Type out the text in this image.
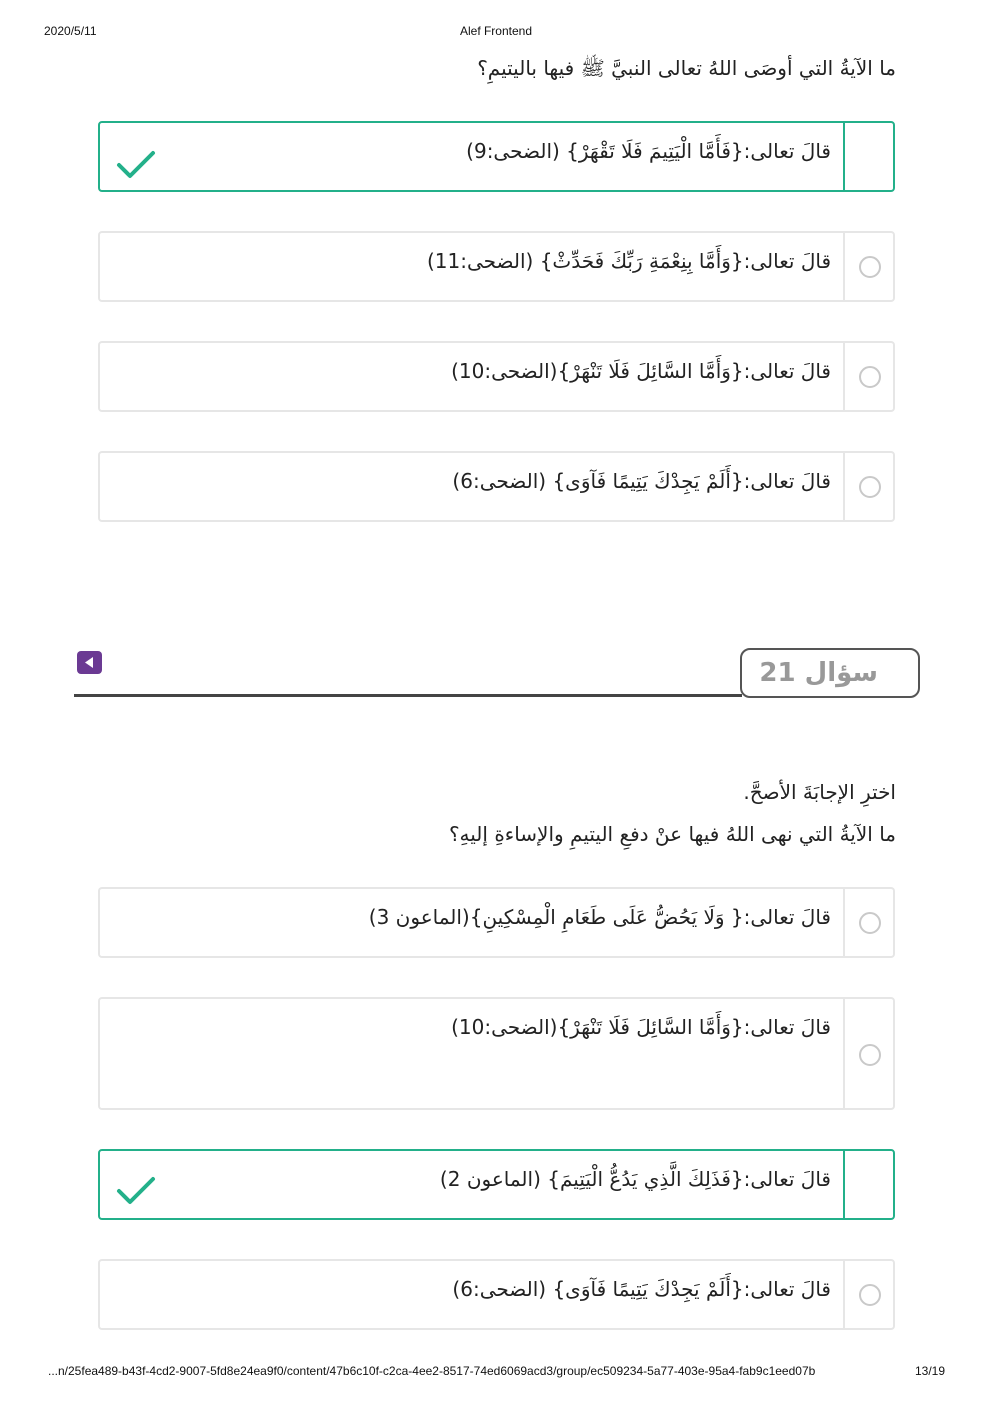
2020/5/11	Alef Frontend
ما الآيةُ التي أوصَى اللهُ تعالى النبيَّ ﷺ فيها باليتيمِ؟
قالَ تعالى:{فَأَمَّا الْيَتِيمَ فَلَا تَقْهَرْ} (الضحى:9)
قالَ تعالى:{وَأَمَّا بِنِعْمَةِ رَبِّكَ فَحَدِّثْ} (الضحى:11)
قالَ تعالى:{وَأَمَّا السَّائِلَ فَلَا تَنْهَرْ}(الضحى:10)
قالَ تعالى:{أَلَمْ يَجِدْكَ يَتِيمًا فَآوَى} (الضحى:6)
سؤال 21
اخترِ الإجابَةَ الأصحَّ.
ما الآيةُ التي نهى اللهُ فيها عنْ دفعِ اليتيمِ والإساءةِ إليهِ؟
قالَ تعالى:{ وَلَا يَحُضُّ عَلَى طَعَامِ الْمِسْكِينِ}(الماعون 3)
قالَ تعالى:{وَأَمَّا السَّائِلَ فَلَا تَنْهَرْ}(الضحى:10)
قالَ تعالى:{فَذَلِكَ الَّذِي يَدُعُّ الْيَتِيمَ} (الماعون 2)
قالَ تعالى:{أَلَمْ يَجِدْكَ يَتِيمًا فَآوَى} (الضحى:6)
...n/25fea489-b43f-4cd2-9007-5fd8e24ea9f0/content/47b6c10f-c2ca-4ee2-8517-74ed6069acd3/group/ec509234-5a77-403e-95a4-fab9c1eed07b	13/19
